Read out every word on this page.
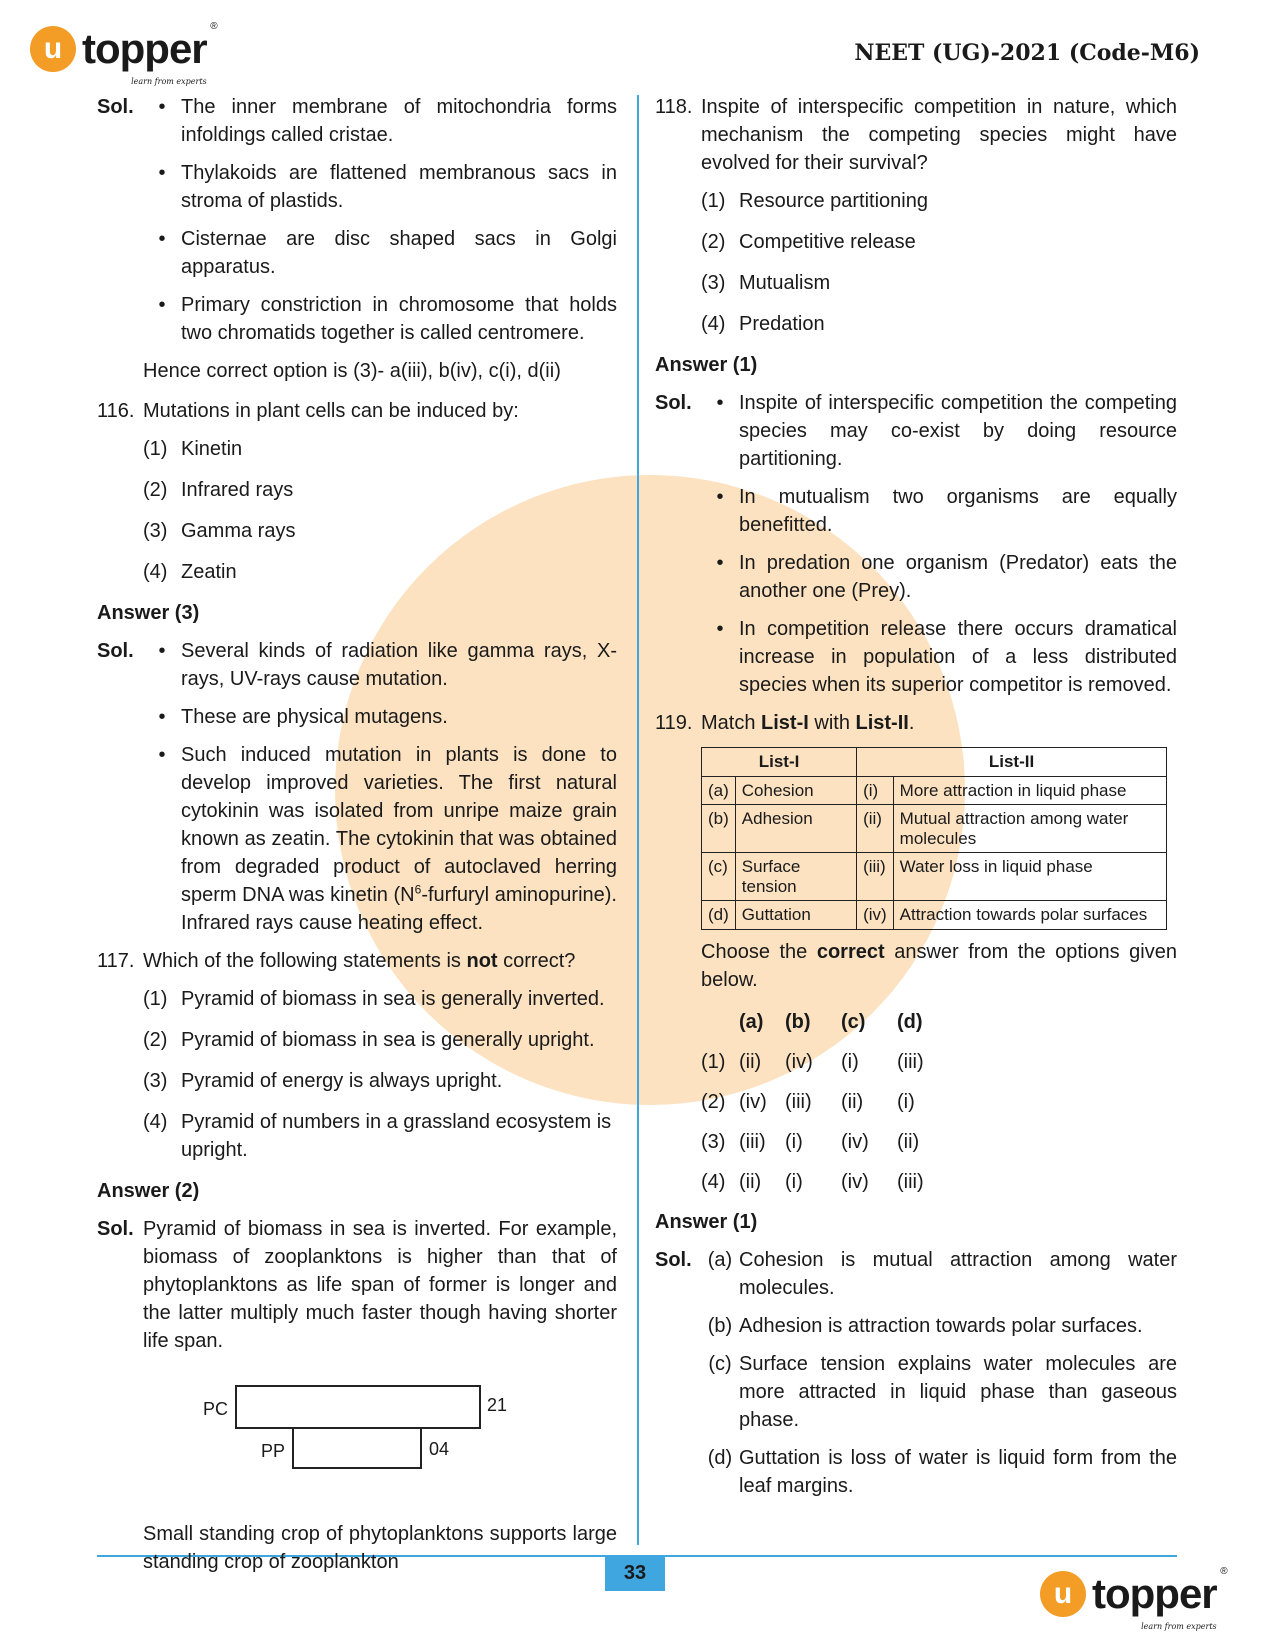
u topper ®
learn from experts
NEET (UG)-2021 (Code-M6)
Sol.	• The inner membrane of mitochondria forms infoldings called cristae.
• Thylakoids are flattened membranous sacs in stroma of plastids.
• Cisternae are disc shaped sacs in Golgi apparatus.
• Primary constriction in chromosome that holds two chromatids together is called centromere.
Hence correct option is (3)- a(iii), b(iv), c(i), d(ii)
116. Mutations in plant cells can be induced by:
(1) Kinetin
(2) Infrared rays
(3) Gamma rays
(4) Zeatin
Answer (3)
Sol.	• Several kinds of radiation like gamma rays, X-rays, UV-rays cause mutation.
• These are physical mutagens.
• Such induced mutation in plants is done to develop improved varieties. The first natural cytokinin was isolated from unripe maize grain known as zeatin. The cytokinin that was obtained from degraded product of autoclaved herring sperm DNA was kinetin ($N^6$-furfuryl aminopurine). Infrared rays cause heating effect.
117. Which of the following statements is not correct?
(1) Pyramid of biomass in sea is generally inverted.
(2) Pyramid of biomass in sea is generally upright.
(3) Pyramid of energy is always upright.
(4) Pyramid of numbers in a grassland ecosystem is upright.
Answer (2)
Sol. Pyramid of biomass in sea is inverted. For example, biomass of zooplanktons is higher than that of phytoplanktons as life span of former is longer and the latter multiply much faster though having shorter life span.
PC	21
PP	04
Small standing crop of phytoplanktons supports large standing crop of zooplankton
118. Inspite of interspecific competition in nature, which mechanism the competing species might have evolved for their survival?
(1) Resource partitioning
(2) Competitive release
(3) Mutualism
(4) Predation
Answer (1)
Sol.	• Inspite of interspecific competition the competing species may co-exist by doing resource partitioning.
• In mutualism two organisms are equally benefitted.
• In predation one organism (Predator) eats the another one (Prey).
• In competition release there occurs dramatical increase in population of a less distributed species when its superior competitor is removed.
119. Match List-I with List-II.
List-I		List-II	
(a)	Cohesion	(i)	More attraction in liquid phase
(b)	Adhesion	(ii)	Mutual attraction among water molecules
(c)	Surface tension	(iii)	Water loss in liquid phase
(d)	Guttation	(iv)	Attraction towards polar surfaces
Choose the correct answer from the options given below.
(a)	(b)	(c)	(d)
(1) (ii)	(iv)	(i)	(iii)
(2) (iv) (iii)	(ii)	(i)
(3) (iii) (i)	(iv)	(ii)
(4) (ii)	(i)	(iv)	(iii)
Answer (1)
Sol. (a) Cohesion is mutual attraction among water molecules.
(b) Adhesion is attraction towards polar surfaces.
(c) Surface tension explains water molecules are more attracted in liquid phase than gaseous phase.
(d) Guttation is loss of water is liquid form from the leaf margins.
33
u topper ®
learn from experts
